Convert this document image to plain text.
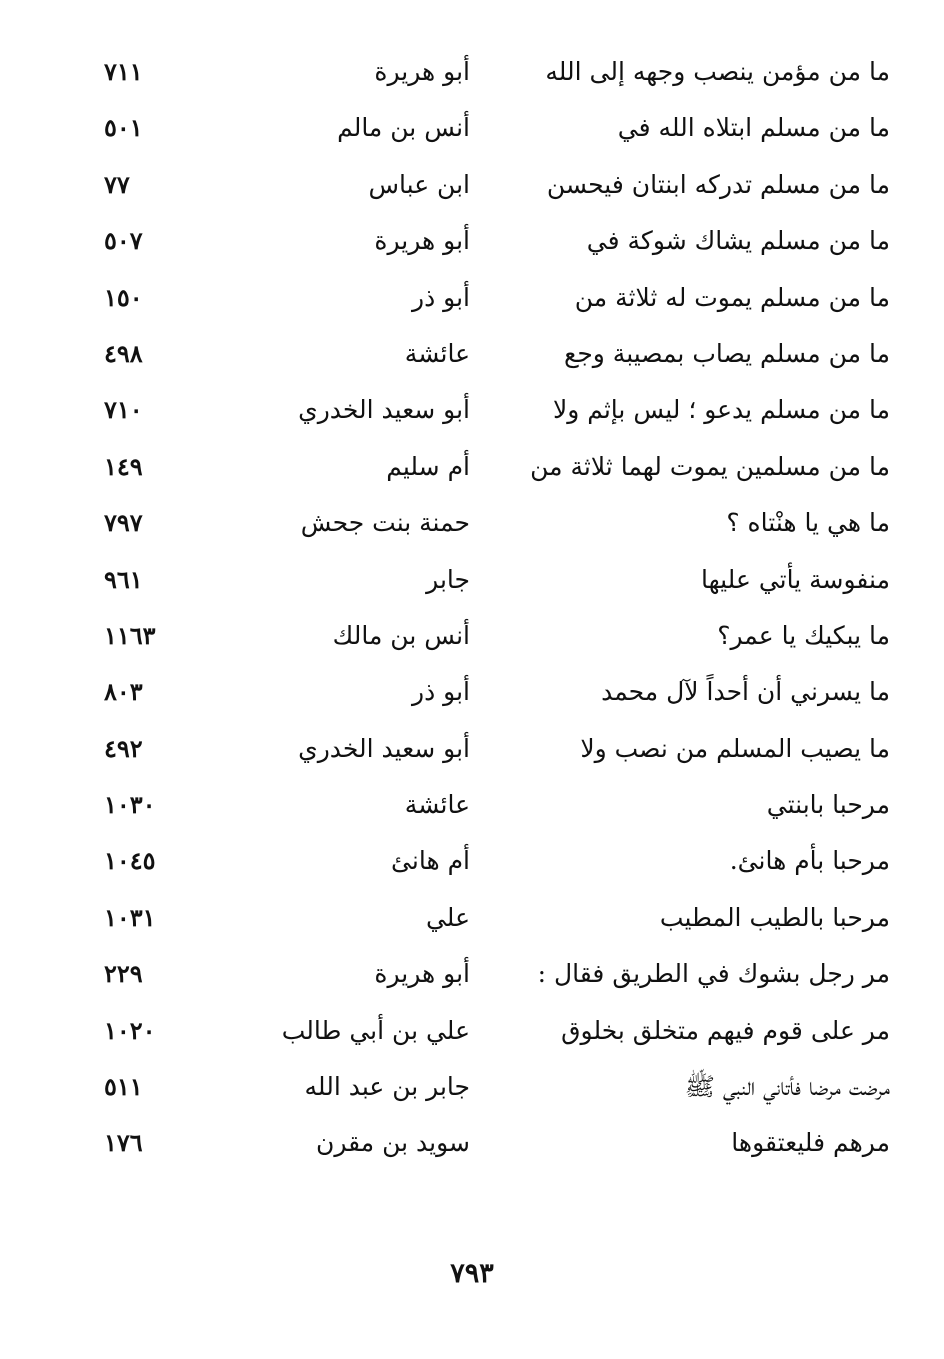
ما من مؤمن ينصب وجهه إلى الله
أبو هريرة
٧١١
ما من مسلم ابتلاه الله في
أنس بن مالم
٥٠١
ما من مسلم تدركه ابنتان فيحسن
ابن عباس
٧٧
ما من مسلم يشاك شوكة في
أبو هريرة
٥٠٧
ما من مسلم يموت له ثلاثة من
أبو ذر
١٥٠
ما من مسلم يصاب بمصيبة وجع
عائشة
٤٩٨
ما من مسلم يدعو ؛ ليس بإثم ولا
أبو سعيد الخدري
٧١٠
ما من مسلمين يموت لهما ثلاثة من
أم سليم
١٤٩
ما هي يا هنْتاه ؟
حمنة بنت جحش
٧٩٧
منفوسة يأتي عليها
جابر
٩٦١
ما يبكيك يا عمر؟
أنس بن مالك
١١٦٣
ما يسرني أن أحداً لآل محمد
أبو ذر
٨٠٣
ما يصيب المسلم من نصب ولا
أبو سعيد الخدري
٤٩٢
مرحبا بابنتي
عائشة
١٠٣٠
مرحبا بأم هانئ.
أم هانئ
١٠٤٥
مرحبا بالطيب المطيب
علي
١٠٣١
مر رجل بشوك في الطريق فقال :
أبو هريرة
٢٢٩
مر على قوم فيهم متخلق بخلوق
علي بن أبي طالب
١٠٢٠
مرضت مرضا فأتاني النبي ﷺ
جابر بن عبد الله
٥١١
مرهم فليعتقوها
سويد بن مقرن
١٧٦
٧٩٣
